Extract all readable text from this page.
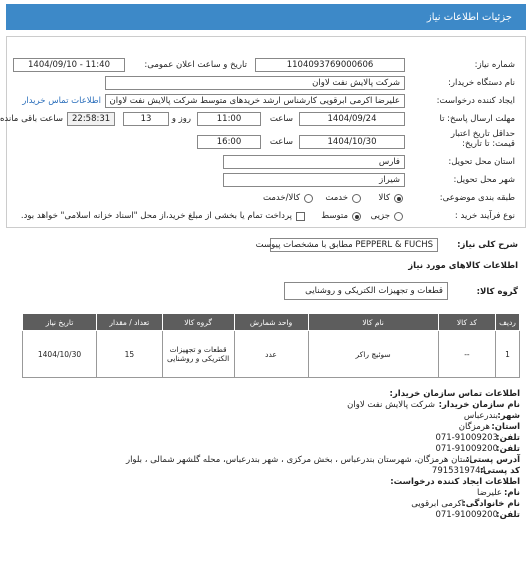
جزئیات اطلاعات نیاز
شماره نیاز:
1104093769000606
تاریخ و ساعت اعلان عمومی:
1404/09/10 - 11:40
نام دستگاه خریدار:
شرکت پالایش نفت لاوان
ایجاد کننده درخواست:
علیرضا اکرمی ابرقویی کارشناس ارشد خریدهای متوسط شرکت پالایش نفت لاوان
اطلاعات تماس خریدار
مهلت ارسال پاسخ: تا
1404/09/24
ساعت
11:00
روز و
13
22:58:31
ساعت باقی مانده
حداقل تاریخ اعتبار
قیمت: تا تاریخ:
1404/10/30
ساعت
16:00
استان محل تحویل:
فارس
شهر محل تحویل:
شیراز
طبقه بندی موضوعی:
کالا
خدمت
کالا/خدمت
نوع فرآیند خرید :
جزیی
متوسط
پرداخت تمام یا بخشی از مبلغ خرید،از محل "اسناد خزانه اسلامی" خواهد بود.
شرح کلی نیاز:
PEPPERL & FUCHS مطابق با مشخصات پیوست
اطلاعات کالاهای مورد نیاز
گروه کالا:
قطعات و تجهیزات الکتریکی و روشنایی
ردیف	کد کالا	نام کالا	واحد شمارش	گروه کالا	تعداد / مقدار	تاریخ نیاز
1	--	سوئیچ راکر	عدد	قطعات و تجهیزات الکتریکی و روشنایی	15	1404/10/30
اطلاعات تماس سازمان خریدار:
نام سازمان خریدار:
شرکت پالایش نفت لاوان
شهر:
بندرعباس
استان:
هرمزگان
تلفن:
071-91009203
تلفن:
071-91009200
آدرس پستی:
استان هرمزگان، شهرستان بندرعباس ، بخش مرکزی ، شهر بندرعباس، محله گلشهر شمالی ، بلوار
کد پستی:
7915319744
اطلاعات ایجاد کننده درخواست:
نام:
علیرضا
نام خانوادگی:
اکرمی ابرقویی
تلفن:
071-91009200
